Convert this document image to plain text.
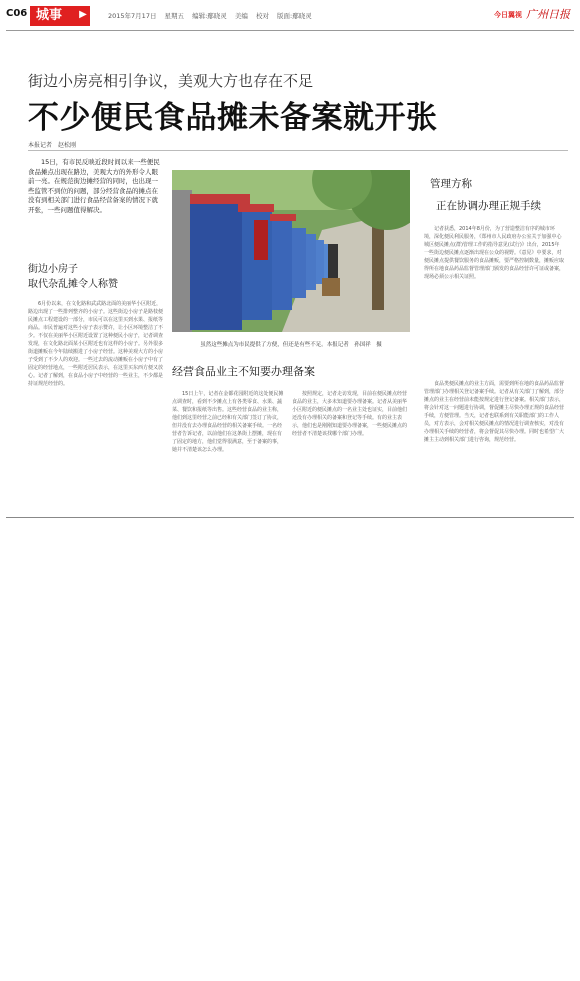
C06 城事	▶	2015年7月17日 星期五 编辑:鄢晓灵 美编 校对 版面:鄢晓灵	今日翼视 广州日报
街边小房亮相引争议，美观大方也存在不足
不少便民食品摊未备案就开张
本报记者　赵松刚

15日，有市民反映近段时间以来一些便民食品摊点出现在路边，美观大方的外形令人眼前一亮。在规范街边摊经营的同时，也出现一些监管不到位的问题，部分经营食品的摊点在没有到相关部门进行食品经营备案的情况下就开张，一些问题值得解决。

街边小房子
取代杂乱摊令人称赞

6月份以来，在文化路和武武路北面的美丽华小区附近，路边出现了一些排列整齐的小房子。这些街边小房子是路枝便民摊点工程建设的一部分，市民可以在这里买到水果、报纸等商品。市民普遍对这些小房子表示赞许，让小区环境整洁了不少。不仅在美丽华小区附近设置了这种便民小房子，记者调查发现，在文化路北面某小区附近也有这样的小房子。另外很多街道摊贩在今年陆续搬进了小房子经营。这种美观大方的小房子受到了不少人的欢迎。一些过去的流动摊贩在小房子中有了固定的经营地点，一些附近居民表示，在这里买东西方便又放心。记者了解到，在食品小房子中经营的一些业主，不少都是持证规范经营的。

虽然这些摊点为市民提供了方便，但还是有些不足。本报记者　孙国祥　摄
经营食品业主不知要办理备案

15日上午，记者在金都花园附近的这处便民摊点调查时，看到不少摊点上有各类零食、水果、蔬菜、餐饮和报纸等出售。这些经营食品的业主称，他们到这里经营之前已经和有关部门签订了协议，但并没有去办理食品经营的相关备案手续。一名经营者告诉记者，以前他们在这条街上摆摊，现在有了固定的地方，他们觉得很满意，至于备案的事，她并不清楚该怎么办理。

按照规定，记者走访发现，目前在便民摊点经营食品的业主，大多未知道要办理备案。记者从美丽华小区附近的便民摊点的一名业主处也证实，目前他们还没有办理相关的备案和登记等手续。有的业主表示，他们也是刚刚知道要办理备案，一些便民摊点的经营者不清楚该找哪个部门办理。

管理方称
正在协调办理正规手续

记者获悉，2014年8月份，为了营造整洁有序的城市环境，深化便民利民服务，《郑州市人民政府办公室关于加强中心城区便民摊点(群)管理工作的指导意见(试行)》出台，2015年一些街边便民摊点逐渐出现在公众的视野。《意见》中要求，对便民摊点提供餐饮服务的食品摊贩，要严格控制数量，摊贩应取得所在地食品药品监督管理部门颁发的食品经营许可证或备案，现场必须公示相关证照。

食品类便民摊点的业主方面，需要到所在地的食品药品监督管理部门办理相关登记备案手续。记者从有关部门了解到，部分摊点的业主在经营前未能按规定进行登记备案。相关部门表示，将会针对这一问题进行协调，督促摊主尽快办理正规的食品经营手续，方便管理。当天，记者也联系到有关职能部门的工作人员，对方表示，会对相关便民摊点的情况进行调查核实，对没有办理相关手续的经营者，将会督促其尽快办理。同时也希望广大摊主主动到相关部门进行咨询，规范经营。
